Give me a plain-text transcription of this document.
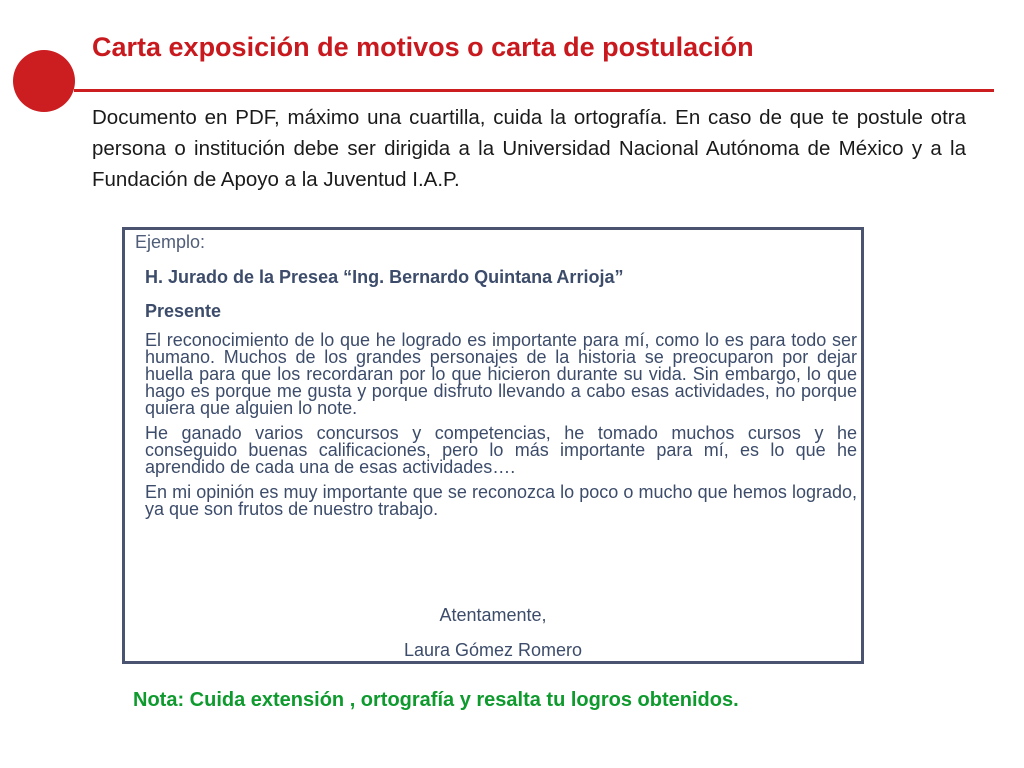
Carta exposición de motivos o carta de postulación

Documento en PDF, máximo una cuartilla, cuida la ortografía. En caso de que te postule otra persona o institución debe ser dirigida a la Universidad Nacional Autónoma de México y a la Fundación de Apoyo a la Juventud I.A.P.

Ejemplo:

H. Jurado de la Presea “Ing. Bernardo Quintana Arrioja”

Presente

El reconocimiento de lo que he logrado es importante para mí, como lo es para todo ser humano. Muchos de los grandes personajes de la historia se preocuparon por dejar huella para que los recordaran por lo que hicieron durante su vida. Sin embargo, lo que hago es porque me gusta y porque disfruto llevando a cabo esas actividades, no porque quiera que alguien lo note.

He ganado varios concursos y competencias, he tomado muchos cursos y he conseguido buenas calificaciones, pero lo más importante para mí, es lo que he aprendido de cada una de esas actividades….

En mi opinión es muy importante que se reconozca lo poco o mucho que hemos logrado, ya que son frutos de nuestro trabajo.

Atentamente,
Laura Gómez Romero

Nota: Cuida extensión , ortografía y resalta tu logros obtenidos.
